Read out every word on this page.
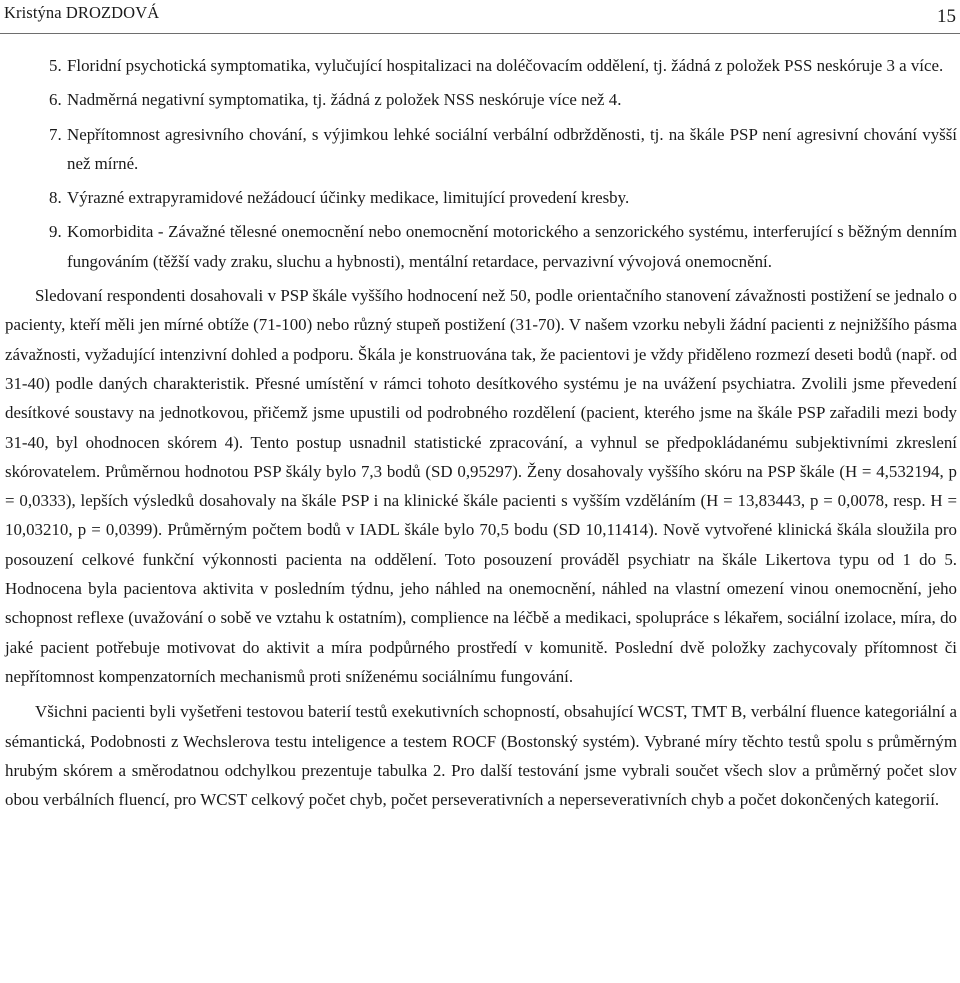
Kristýna DROZDOVÁ	15
5. Floridní psychotická symptomatika, vylučující hospitalizaci na doléčovacím oddělení, tj. žádná z položek PSS neskóruje 3 a více.
6. Nadměrná negativní symptomatika, tj. žádná z položek NSS neskóruje více než 4.
7. Nepřítomnost agresivního chování, s výjimkou lehké sociální verbální odbržděnosti, tj. na škále PSP není agresivní chování vyšší než mírné.
8. Výrazné extrapyramidové nežádoucí účinky medikace, limitující provedení kresby.
9. Komorbidita - Závažné tělesné onemocnění nebo onemocnění motorického a senzorického systému, interferující s běžným denním fungováním (těžší vady zraku, sluchu a hybnosti), mentální retardace, pervazivní vývojová onemocnění.

Sledovaní respondenti dosahovali v PSP škále vyššího hodnocení než 50, podle orientačního stanovení závažnosti postižení se jednalo o pacienty, kteří měli jen mírné obtíže (71-100) nebo různý stupeň postižení (31-70). V našem vzorku nebyli žádní pacienti z nejnižšího pásma závažnosti, vyžadující intenzivní dohled a podporu. Škála je konstruována tak, že pacientovi je vždy přiděleno rozmezí deseti bodů (např. od 31-40) podle daných charakteristik. Přesné umístění v rámci tohoto desítkového systému je na uvážení psychiatra. Zvolili jsme převedení desítkové soustavy na jednotkovou, přičemž jsme upustili od podrobného rozdělení (pacient, kterého jsme na škále PSP zařadili mezi body 31-40, byl ohodnocen skórem 4). Tento postup usnadnil statistické zpracování, a vyhnul se předpokládanému subjektivními zkreslení skórovatelem. Průměrnou hodnotou PSP škály bylo 7,3 bodů (SD 0,95297). Ženy dosahovaly vyššího skóru na PSP škále (H = 4,532194, p = 0,0333), lepších výsledků dosahovaly na škále PSP i na klinické škále pacienti s vyšším vzděláním (H = 13,83443, p = 0,0078, resp. H = 10,03210, p = 0,0399). Průměrným počtem bodů v IADL škále bylo 70,5 bodu (SD 10,11414). Nově vytvořené klinická škála sloužila pro posouzení celkové funkční výkonnosti pacienta na oddělení. Toto posouzení prováděl psychiatr na škále Likertova typu od 1 do 5. Hodnocena byla pacientova aktivita v posledním týdnu, jeho náhled na onemocnění, náhled na vlastní omezení vinou onemocnění, jeho schopnost reflexe (uvažování o sobě ve vztahu k ostatním), complience na léčbě a medikaci, spolupráce s lékařem, sociální izolace, míra, do jaké pacient potřebuje motivovat do aktivit a míra podpůrného prostředí v komunitě. Poslední dvě položky zachycovaly přítomnost či nepřítomnost kompenzatorních mechanismů proti sníženému sociálnímu fungování.

Všichni pacienti byli vyšetřeni testovou baterií testů exekutivních schopností, obsahující WCST, TMT B, verbální fluence kategoriální a sémantická, Podobnosti z Wechslerova testu inteligence a testem ROCF (Bostonský systém). Vybrané míry těchto testů spolu s průměrným hrubým skórem a směrodatnou odchylkou prezentuje tabulka 2. Pro další testování jsme vybrali součet všech slov a průměrný počet slov obou verbálních fluencí, pro WCST celkový počet chyb, počet perseverativních a neperseverativních chyb a počet dokončených kategorií.
